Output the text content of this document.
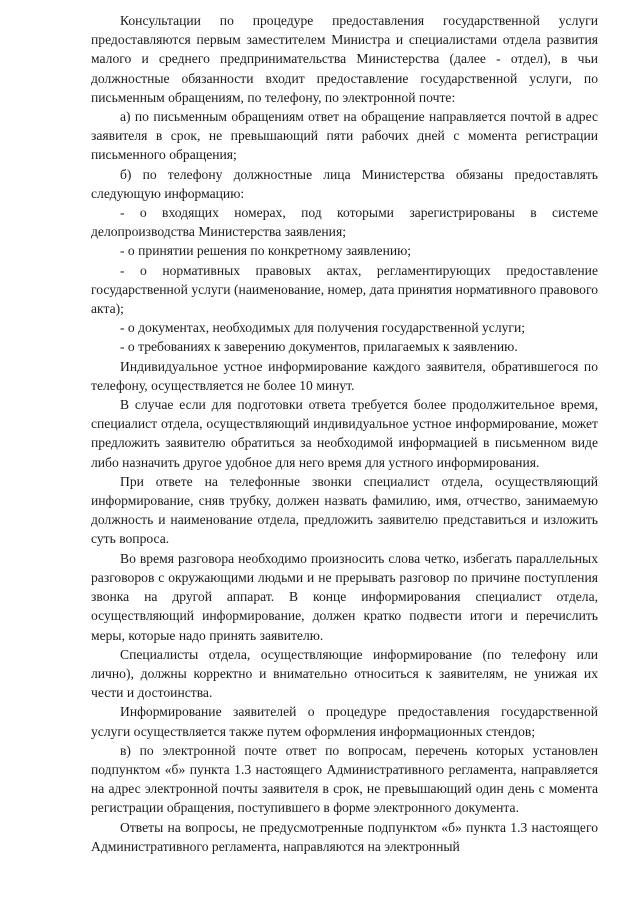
Консультации по процедуре предоставления государственной услуги предоставляются первым заместителем Министра и специалистами отдела развития малого и среднего предпринимательства Министерства (далее - отдел), в чьи должностные обязанности входит предоставление государственной услуги, по письменным обращениям, по телефону, по электронной почте:

а) по письменным обращениям ответ на обращение направляется почтой в адрес заявителя в срок, не превышающий пяти рабочих дней с момента регистрации письменного обращения;

б) по телефону должностные лица Министерства обязаны предоставлять следующую информацию:

- о входящих номерах, под которыми зарегистрированы в системе делопроизводства Министерства заявления;

- о принятии решения по конкретному заявлению;

- о нормативных правовых актах, регламентирующих предоставление государственной услуги (наименование, номер, дата принятия нормативного правового акта);

- о документах, необходимых для получения государственной услуги;

- о требованиях к заверению документов, прилагаемых к заявлению.

Индивидуальное устное информирование каждого заявителя, обратившегося по телефону, осуществляется не более 10 минут.

В случае если для подготовки ответа требуется более продолжительное время, специалист отдела, осуществляющий индивидуальное устное информирование, может предложить заявителю обратиться за необходимой информацией в письменном виде либо назначить другое удобное для него время для устного информирования.

При ответе на телефонные звонки специалист отдела, осуществляющий информирование, сняв трубку, должен назвать фамилию, имя, отчество, занимаемую должность и наименование отдела, предложить заявителю представиться и изложить суть вопроса.

Во время разговора необходимо произносить слова четко, избегать параллельных разговоров с окружающими людьми и не прерывать разговор по причине поступления звонка на другой аппарат. В конце информирования специалист отдела, осуществляющий информирование, должен кратко подвести итоги и перечислить меры, которые надо принять заявителю.

Специалисты отдела, осуществляющие информирование (по телефону или лично), должны корректно и внимательно относиться к заявителям, не унижая их чести и достоинства.

Информирование заявителей о процедуре предоставления государственной услуги осуществляется также путем оформления информационных стендов;

в) по электронной почте ответ по вопросам, перечень которых установлен подпунктом «б» пункта 1.3 настоящего Административного регламента, направляется на адрес электронной почты заявителя в срок, не превышающий один день с момента регистрации обращения, поступившего в форме электронного документа.

Ответы на вопросы, не предусмотренные подпунктом «б» пункта 1.3 настоящего Административного регламента, направляются на электронный
